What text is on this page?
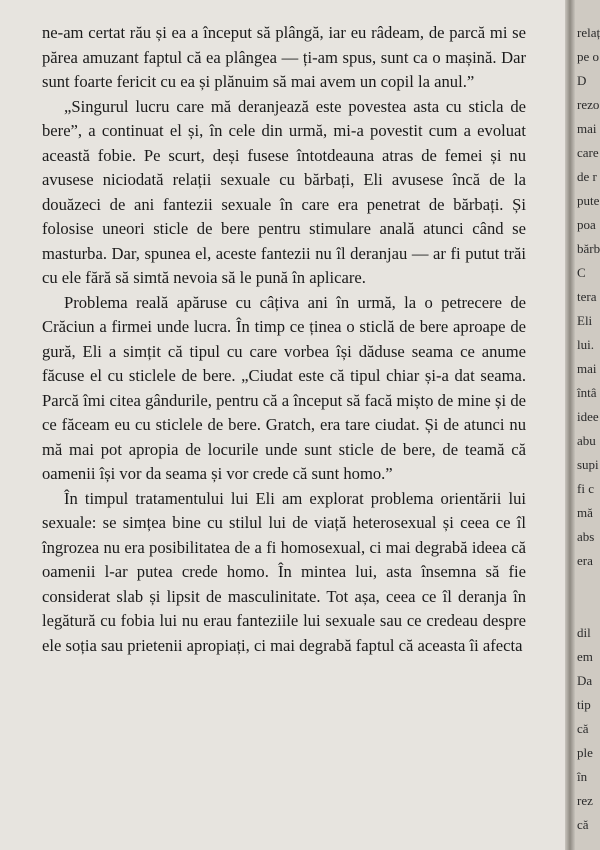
ne-am certat rău și ea a început să plângă, iar eu râdeam, de parcă mi se părea amuzant faptul că ea plângea — ți-am spus, sunt ca o mașină. Dar sunt foarte fericit cu ea și plănuim să mai avem un copil la anul.”

„Singurul lucru care mă deranjează este povestea asta cu sticla de bere”, a continuat el și, în cele din urmă, mi-a povestit cum a evoluat această fobie. Pe scurt, deși fusese întotdeauna atras de femei și nu avusese niciodată relații sexuale cu bărbați, Eli avusese încă de la douăzeci de ani fantezii sexuale în care era penetrat de bărbați. Și folosise uneori sticle de bere pentru stimulare anală atunci când se masturba. Dar, spunea el, aceste fantezii nu îl deranjau — ar fi putut trăi cu ele fără să simtă nevoia să le pună în aplicare.

Problema reală apăruse cu câțiva ani în urmă, la o petrecere de Crăciun a firmei unde lucra. În timp ce ținea o sticlă de bere aproape de gură, Eli a simțit că tipul cu care vorbea își dăduse seama ce anume făcuse el cu sticlele de bere. „Ciudat este că tipul chiar și-a dat seama. Parcă îmi citea gândurile, pentru că a început să facă mișto de mine și de ce făceam eu cu sticlele de bere. Gratch, era tare ciudat. Și de atunci nu mă mai pot apropia de locurile unde sunt sticle de bere, de teamă că oamenii își vor da seama și vor crede că sunt homo.”

În timpul tratamentului lui Eli am explorat problema orientării lui sexuale: se simțea bine cu stilul lui de viață heterosexual și ceea ce îl îngrozea nu era posibilitatea de a fi homosexual, ci mai degrabă ideea că oamenii l-ar putea crede homo. În mintea lui, asta însemna să fie considerat slab și lipsit de masculinitate. Tot așa, ceea ce îl deranja în legătură cu fobia lui nu erau fanteziile lui sexuale sau ce credeau despre ele soția sau prietenii apropiați, ci mai degrabă faptul că aceasta îi afecta

relaț
pe o
D
rezo
mai
care
de r
pute
poa
bărb
C
tera
Eli
lui.
mai
întâ
idee
abu
supi
fi c
mă
abs
era
dil
em
Da
tip
că
ple
în
rez
că
